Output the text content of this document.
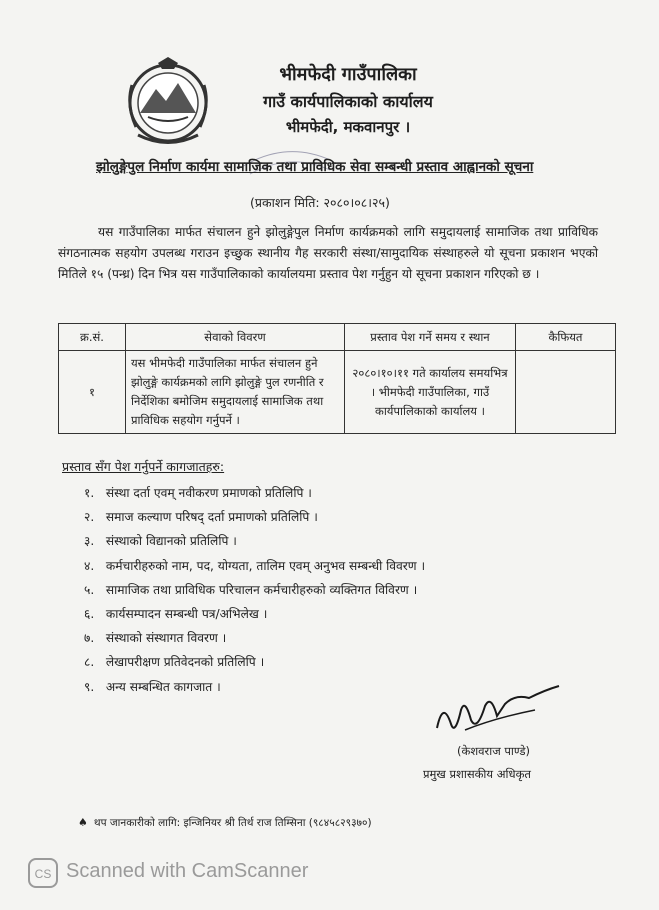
भीमफेदी गाउँपालिका
गाउँ कार्यपालिकाको कार्यालय
भीमफेदी, मकवानपुर ।
झोलुङ्गेपुल निर्माण कार्यमा सामाजिक तथा प्राविधिक सेवा सम्बन्धी प्रस्ताव आह्वानको सूचना
(प्रकाशन मिति: २०८०।०८।२५)
यस गाउँपालिका मार्फत संचालन हुने झोलुङ्गेपुल निर्माण कार्यक्रमको लागि समुदायलाई सामाजिक तथा प्राविधिक संगठनात्मक सहयोग उपलब्ध गराउन इच्छुक स्थानीय गैह सरकारी संस्था/सामुदायिक संस्थाहरुले यो सूचना प्रकाशन भएको मितिले १५ (पन्ध्र) दिन भित्र यस गाउँपालिकाको कार्यालयमा प्रस्ताव पेश गर्नुहुन यो सूचना प्रकाशन गरिएको छ ।
क्र.सं.	सेवाको विवरण	प्रस्ताव पेश गर्ने समय र स्थान	कैफियत
१	यस भीमफेदी गाउँपालिका मार्फत संचालन हुने झोलुङ्गे कार्यक्रमको लागि झोलुङ्गे पुल रणनीति र निर्देशिका बमोजिम समुदायलाई सामाजिक तथा प्राविधिक सहयोग गर्नुपर्ने ।	२०८०।१०।११ गते कार्यालय समयभित्र । भीमफेदी गाउँपालिका, गाउँ कार्यपालिकाको कार्यालय ।	
प्रस्ताव सँग पेश गर्नुपर्ने कागजातहरु:
१. संस्था दर्ता एवम् नवीकरण प्रमाणको प्रतिलिपि ।
२. समाज कल्याण परिषद् दर्ता प्रमाणको प्रतिलिपि ।
३. संस्थाको विद्यानको प्रतिलिपि ।
४. कर्मचारीहरुको नाम, पद, योग्यता, तालिम एवम् अनुभव सम्बन्धी विवरण ।
५. सामाजिक तथा प्राविधिक परिचालन कर्मचारीहरुको व्यक्तिगत विविरण ।
६. कार्यसम्पादन सम्बन्धी पत्र/अभिलेख ।
७. संस्थाको संस्थागत विवरण ।
८. लेखापरीक्षण प्रतिवेदनको प्रतिलिपि ।
९. अन्य सम्बन्धित कागजात ।
(केशवराज पाण्डे)
प्रमुख प्रशासकीय अधिकृत
♠ थप जानकारीको लागि: इन्जिनियर श्री तिर्थ राज तिम्सिना (९८४५८२९३७०)
CS Scanned with CamScanner
